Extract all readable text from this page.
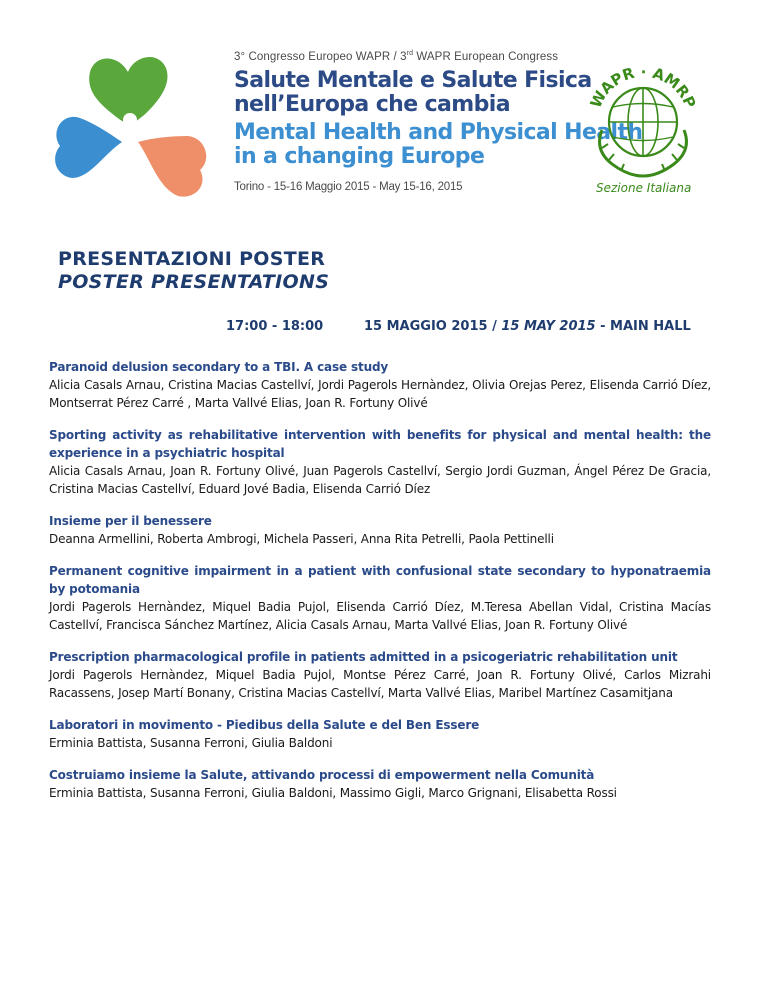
3° Congresso Europeo WAPR / 3rd WAPR European Congress
Salute Mentale e Salute Fisica
nell’Europa che cambia
Mental Health and Physical Health
in a changing Europe
Torino - 15-16 Maggio 2015 - May 15-16, 2015
WAPR · AMRP
Sezione Italiana
PRESENTAZIONI POSTER
POSTER PRESENTATIONS
17:00 - 18:00	15 MAGGIO 2015 / 15 MAY 2015 - MAIN HALL
Paranoid delusion secondary to a TBI. A case study
Alicia Casals Arnau, Cristina Macias Castellví, Jordi Pagerols Hernàndez, Olivia Orejas Perez, Elisenda Carrió Díez, Montserrat Pérez Carré , Marta Vallvé Elias, Joan R. Fortuny Olivé
Sporting activity as rehabilitative intervention with benefits for physical and mental health: the experience in a psychiatric hospital
Alicia Casals Arnau, Joan R. Fortuny Olivé, Juan Pagerols Castellví, Sergio Jordi Guzman, Ángel Pérez De Gracia, Cristina Macias Castellví, Eduard Jové Badia, Elisenda Carrió Díez
Insieme per il benessere
Deanna Armellini, Roberta Ambrogi, Michela Passeri, Anna Rita Petrelli, Paola Pettinelli
Permanent cognitive impairment in a patient with confusional state secondary to hyponatraemia by potomania
Jordi Pagerols Hernàndez, Miquel Badia Pujol, Elisenda Carrió Díez, M.Teresa Abellan Vidal, Cristina Macías Castellví, Francisca Sánchez Martínez, Alicia Casals Arnau, Marta Vallvé Elias, Joan R. Fortuny Olivé
Prescription pharmacological profile in patients admitted in a psicogeriatric rehabilitation unit
Jordi Pagerols Hernàndez, Miquel Badia Pujol, Montse Pérez Carré, Joan R. Fortuny Olivé, Carlos Mizrahi Racassens, Josep Martí Bonany, Cristina Macias Castellví, Marta Vallvé Elias, Maribel Martínez Casamitjana
Laboratori in movimento - Piedibus della Salute e del Ben Essere
Erminia Battista, Susanna Ferroni, Giulia Baldoni
Costruiamo insieme la Salute, attivando processi di empowerment nella Comunità
Erminia Battista, Susanna Ferroni, Giulia Baldoni, Massimo Gigli, Marco Grignani, Elisabetta Rossi
